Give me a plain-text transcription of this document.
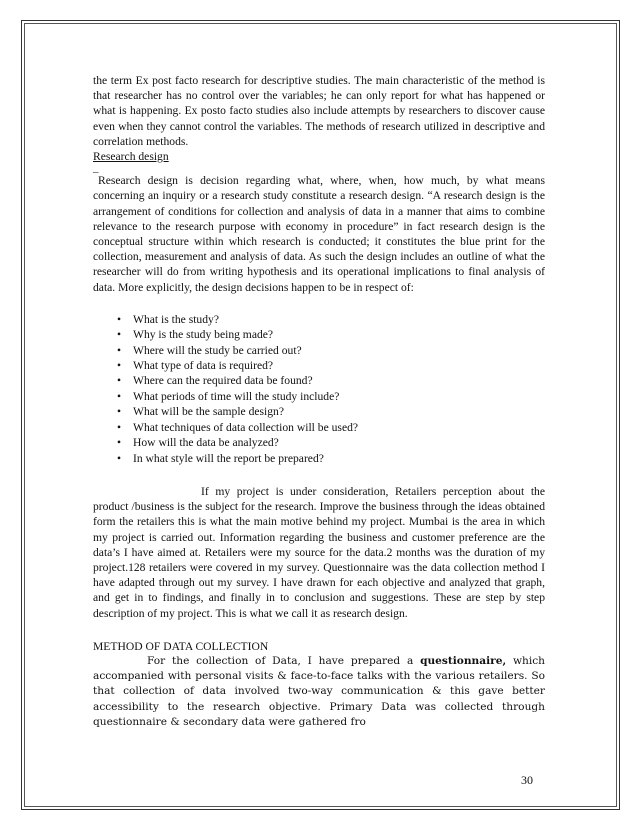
the term Ex post facto research for descriptive studies. The main characteristic of the method is that researcher has no control over the variables; he can only report for what has happened or what is happening. Ex posto facto studies also include attempts by researchers to discover cause even when they cannot control the variables. The methods of research utilized in descriptive and correlation methods.

Research design

_

Research design is decision regarding what, where, when, how much, by what means concerning an inquiry or a research study constitute a research design. “A research design is the arrangement of conditions for collection and analysis of data in a manner that aims to combine relevance to the research purpose with economy in procedure” in fact research design is the conceptual structure within which research is conducted; it constitutes the blue print for the collection, measurement and analysis of data. As such the design includes an outline of what the researcher will do from writing hypothesis and its operational implications to final analysis of data. More explicitly, the design decisions happen to be in respect of:

• What is the study?
• Why is the study being made?
• Where will the study be carried out?
• What type of data is required?
• Where can the required data be found?
• What periods of time will the study include?
• What will be the sample design?
• What techniques of data collection will be used?
• How will the data be analyzed?
• In what style will the report be prepared?

If my project is under consideration, Retailers perception about the product /business is the subject for the research. Improve the business through the ideas obtained form the retailers this is what the main motive behind my project. Mumbai is the area in which my project is carried out. Information regarding the business and customer preference are the data’s I have aimed at. Retailers were my source for the data.2 months was the duration of my project.128 retailers were covered in my survey. Questionnaire was the data collection method I have adapted through out my survey. I have drawn for each objective and analyzed that graph, and get in to findings, and finally in to conclusion and suggestions. These are step by step description of my project. This is what we call it as research design.

METHOD OF DATA COLLECTION

For the collection of Data, I have prepared a questionnaire, which accompanied with personal visits & face-to-face talks with the various retailers. So that collection of data involved two-way communication & this gave better accessibility to the research objective. Primary Data was collected through questionnaire & secondary data were gathered fro

30
